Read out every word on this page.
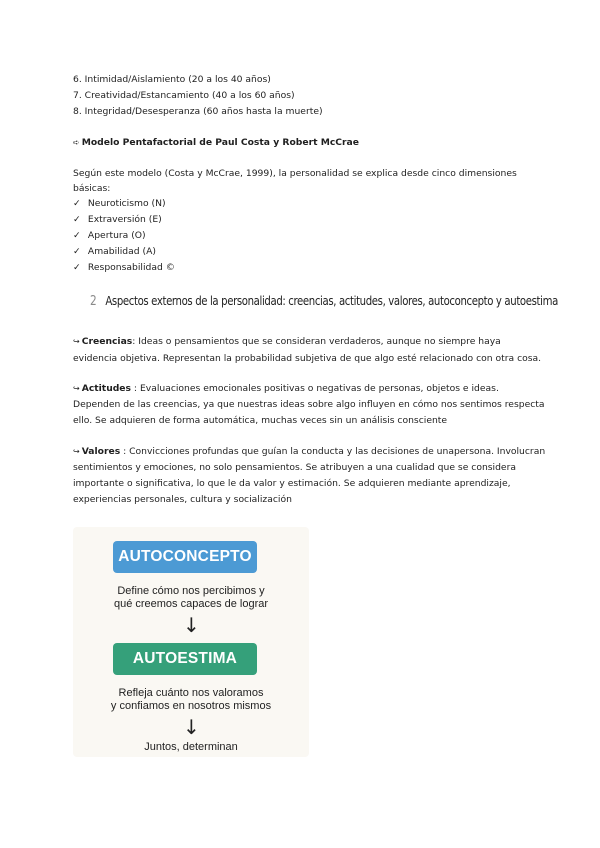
6. Intimidad/Aislamiento (20 a los 40 años)
7. Creatividad/Estancamiento (40 a los 60 años)
8. Integridad/Desesperanza (60 años hasta la muerte)
➪ Modelo Pentafactorial de Paul Costa y Robert McCrae
Según este modelo (Costa y McCrae, 1999), la personalidad se explica desde cinco dimensiones
básicas:
✓ Neuroticismo (N)
✓ Extraversión (E)
✓ Apertura (O)
✓ Amabilidad (A)
✓ Responsabilidad ©
2 Aspectos externos de la personalidad: creencias, actitudes, valores, autoconcepto y autoestima
↪ Creencias: Ideas o pensamientos que se consideran verdaderos, aunque no siempre haya
evidencia objetiva. Representan la probabilidad subjetiva de que algo esté relacionado con otra cosa.
↪ Actitudes : Evaluaciones emocionales positivas o negativas de personas, objetos e ideas.
Dependen de las creencias, ya que nuestras ideas sobre algo influyen en cómo nos sentimos respecta
ello. Se adquieren de forma automática, muchas veces sin un análisis consciente
↪ Valores : Convicciones profundas que guían la conducta y las decisiones de unapersona. Involucran
sentimientos y emociones, no solo pensamientos. Se atribuyen a una cualidad que se considera
importante o significativa, lo que le da valor y estimación. Se adquieren mediante aprendizaje,
experiencias personales, cultura y socialización
AUTOCONCEPTO
Define cómo nos percibimos y
qué creemos capaces de lograr
↓
AUTOESTIMA
Refleja cuánto nos valoramos
y confiamos en nosotros mismos
↓
Juntos, determinan
